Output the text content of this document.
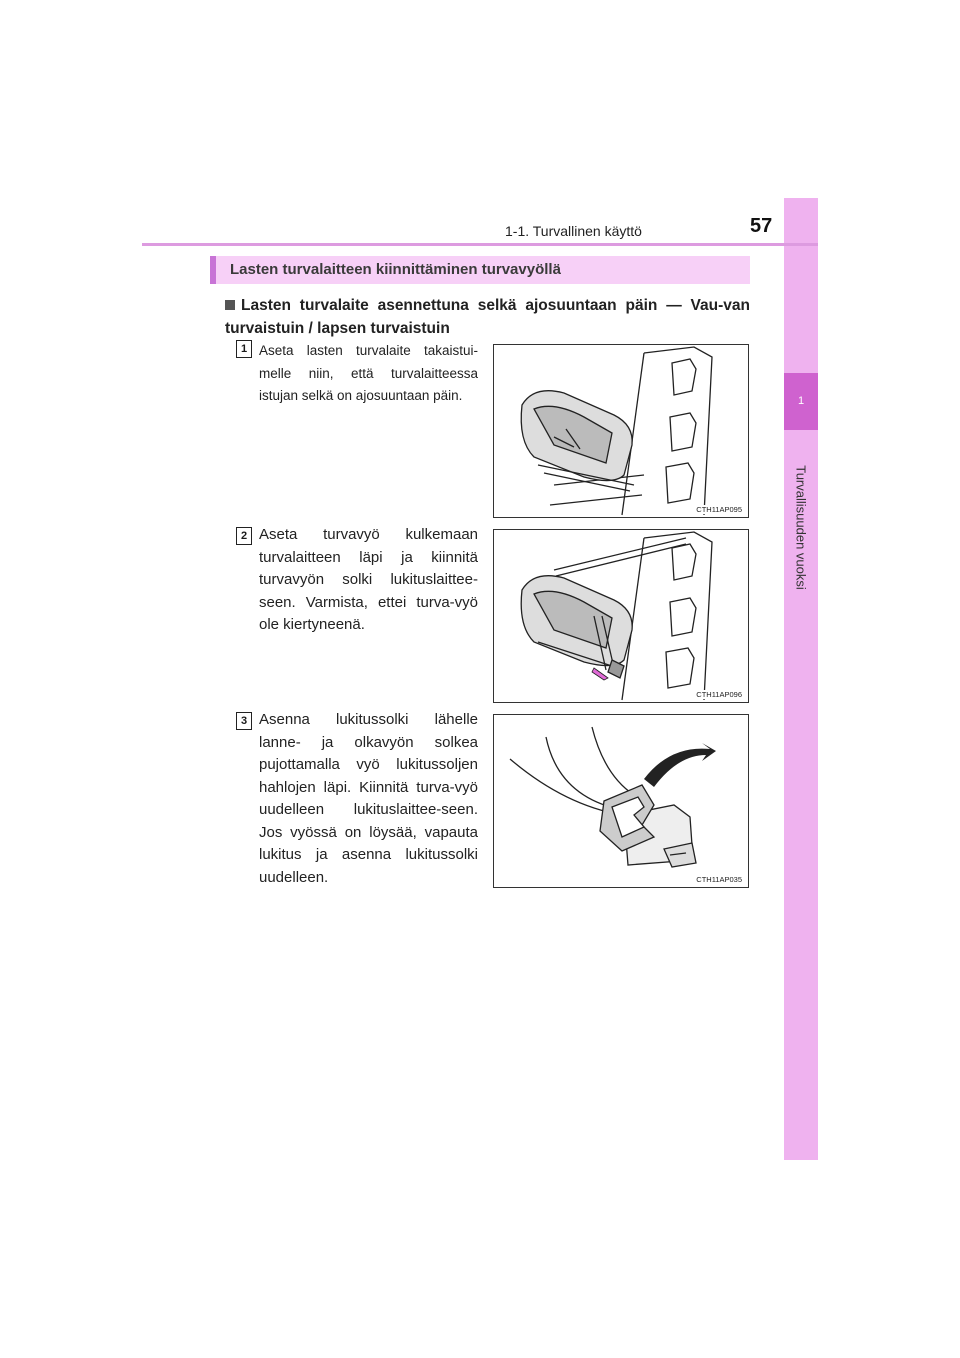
1
Turvallisuuden vuoksi
1-1. Turvallinen käyttö	57
Lasten turvalaitteen kiinnittäminen turvavyöllä
Lasten turvalaite asennettuna selkä ajosuuntaan päin — Vau-van turvaistuin / lapsen turvaistuin
1 Aseta lasten turvalaite takaistui-melle niin, että turvalaitteessa istujan selkä on ajosuuntaan päin.
CTH11AP095
2 Aseta turvavyö kulkemaan turvalaitteen läpi ja kiinnitä turvavyön solki lukituslaittee-seen. Varmista, ettei turva-vyö ole kiertyneenä.
CTH11AP096
3 Asenna lukitussolki lähelle lanne- ja olkavyön solkea pujottamalla vyö lukitussoljen hahlojen läpi. Kiinnitä turva-vyö uudelleen lukituslaittee-seen. Jos vyössä on löysää, vapauta lukitus ja asenna lukitussolki uudelleen.	CTH11AP035
